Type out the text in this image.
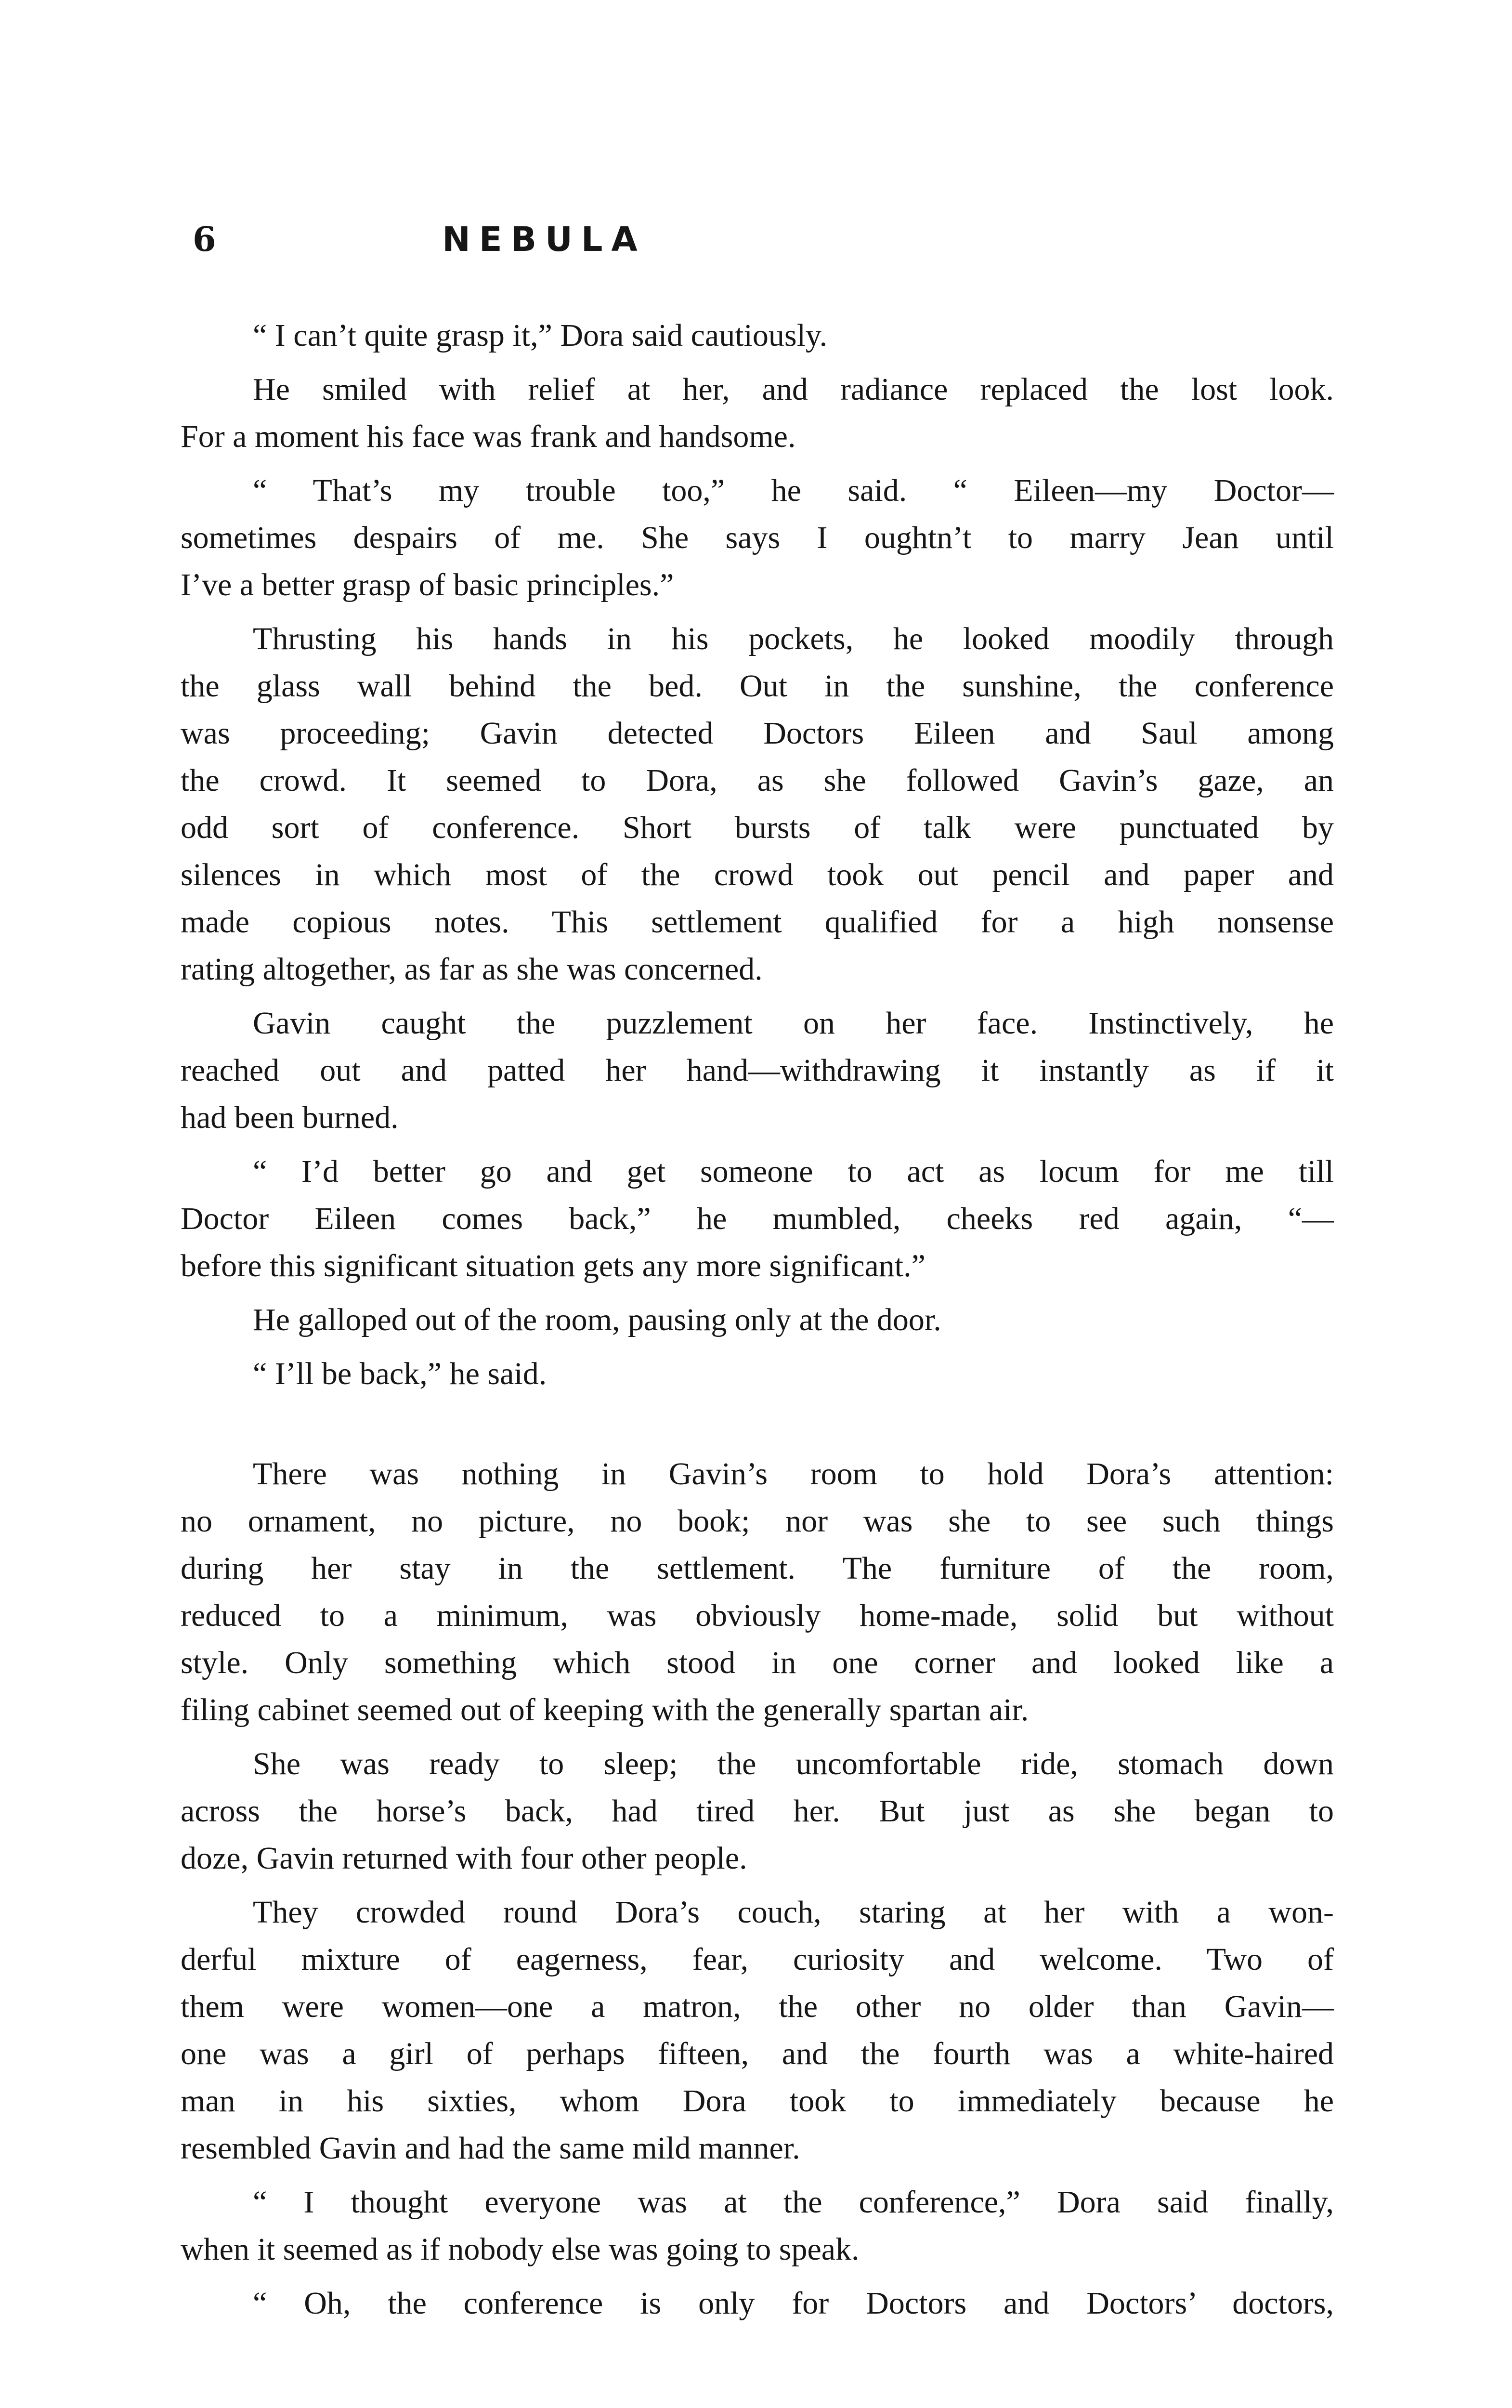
6	NEBULA

“ I can’t quite grasp it,” Dora said cautiously.

He smiled with relief at her, and radiance replaced the lost look.
For a moment his face was frank and handsome.

“ That’s my trouble too,” he said. “ Eileen—my Doctor—
sometimes despairs of me. She says I oughtn’t to marry Jean until
I’ve a better grasp of basic principles.”

Thrusting his hands in his pockets, he looked moodily through
the glass wall behind the bed. Out in the sunshine, the conference
was proceeding; Gavin detected Doctors Eileen and Saul among
the crowd. It seemed to Dora, as she followed Gavin’s gaze, an
odd sort of conference. Short bursts of talk were punctuated by
silences in which most of the crowd took out pencil and paper and
made copious notes. This settlement qualified for a high nonsense
rating altogether, as far as she was concerned.

Gavin caught the puzzlement on her face. Instinctively, he
reached out and patted her hand—withdrawing it instantly as if it
had been burned.

“ I’d better go and get someone to act as locum for me till
Doctor Eileen comes back,” he mumbled, cheeks red again, “—
before this significant situation gets any more significant.”

He galloped out of the room, pausing only at the door.

“ I’ll be back,” he said.

There was nothing in Gavin’s room to hold Dora’s attention:
no ornament, no picture, no book; nor was she to see such things
during her stay in the settlement. The furniture of the room,
reduced to a minimum, was obviously home-made, solid but without
style. Only something which stood in one corner and looked like a
filing cabinet seemed out of keeping with the generally spartan air.

She was ready to sleep; the uncomfortable ride, stomach down
across the horse’s back, had tired her. But just as she began to
doze, Gavin returned with four other people.

They crowded round Dora’s couch, staring at her with a won-
derful mixture of eagerness, fear, curiosity and welcome. Two of
them were women—one a matron, the other no older than Gavin—
one was a girl of perhaps fifteen, and the fourth was a white-haired
man in his sixties, whom Dora took to immediately because he
resembled Gavin and had the same mild manner.

“ I thought everyone was at the conference,” Dora said finally,
when it seemed as if nobody else was going to speak.

“ Oh, the conference is only for Doctors and Doctors’ doctors,
